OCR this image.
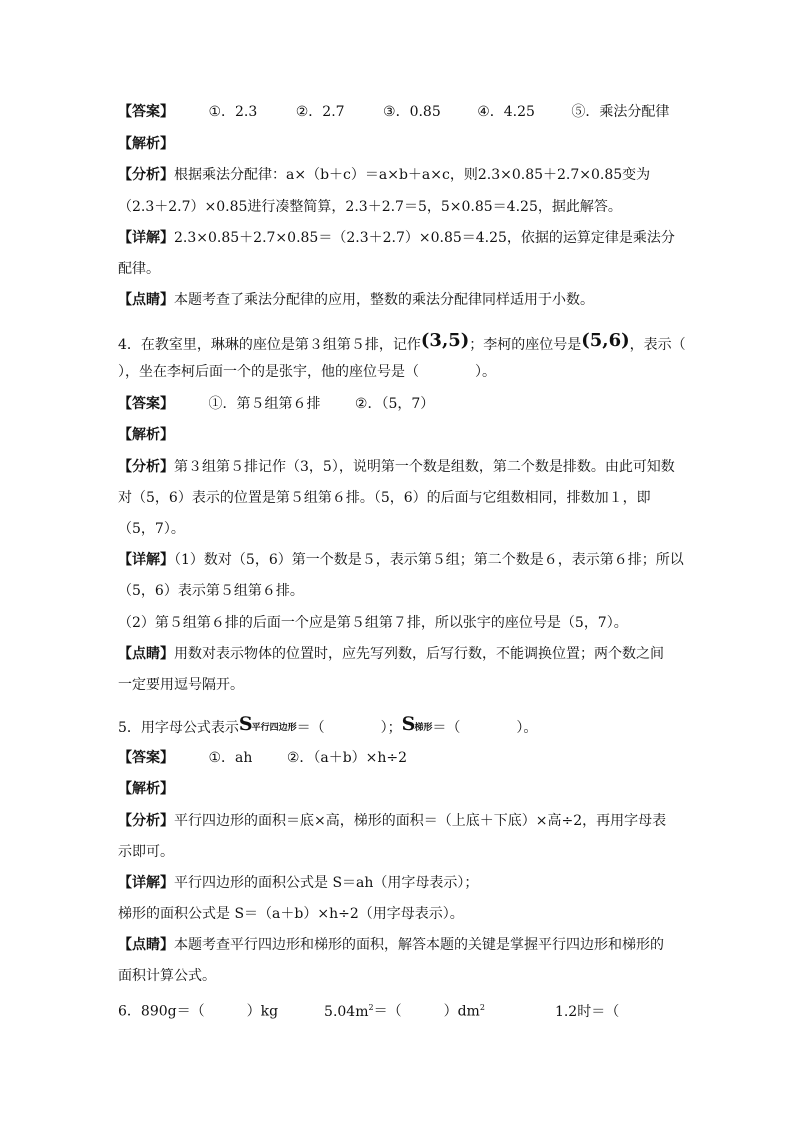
【答案】 ①．2.3	②．2.7	③．0.85	④．4.25	⑤．乘法分配律
【解析】
【分析】根据乘法分配律：a×（b＋c）＝a×b＋a×c，则2.3×0.85＋2.7×0.85变为
（2.3＋2.7）×0.85进行凑整简算，2.3＋2.7＝5，5×0.85＝4.25，据此解答。
【详解】2.3×0.85＋2.7×0.85＝（2.3＋2.7）×0.85＝4.25，依据的运算定律是乘法分
配律。
【点睛】本题考查了乘法分配律的应用，整数的乘法分配律同样适用于小数。
4．在教室里，琳琳的座位是第３组第５排，记作(3,5)；李柯的座位号是(5,6)，表示（
），坐在李柯后面一个的是张宇，他的座位号是（　　　　）。
【答案】 ①．第５组第６排 ②．（5，7）
【解析】
【分析】第３组第５排记作（3，5），说明第一个数是组数，第二个数是排数。由此可知数
对（5，6）表示的位置是第５组第６排。（5，6）的后面与它组数相同，排数加１，即
（5，7）。
【详解】（1）数对（5，6）第一个数是５，表示第５组；第二个数是６，表示第６排；所以
（5，6）表示第５组第６排。
（2）第５组第６排的后面一个应是第５组第７排，所以张宇的座位号是（5，7）。
【点睛】用数对表示物体的位置时，应先写列数，后写行数，不能调换位置；两个数之间
一定要用逗号隔开。
5．用字母公式表示S平行四边形＝（　　　　）；S梯形＝（　　　　）。
【答案】 ①．ah ②．（a＋b）×h÷2
【解析】
【分析】平行四边形的面积＝底×高，梯形的面积＝（上底＋下底）×高÷2，再用字母表
示即可。
【详解】平行四边形的面积公式是 S＝ah（用字母表示）；
梯形的面积公式是 S＝（a＋b）×h÷2（用字母表示）。
【点睛】本题考查平行四边形和梯形的面积，解答本题的关键是掌握平行四边形和梯形的
面积计算公式。
6．890g＝（　　　）kg	$5.04m^2=$（　　　）$dm^2$	1.2时＝（
